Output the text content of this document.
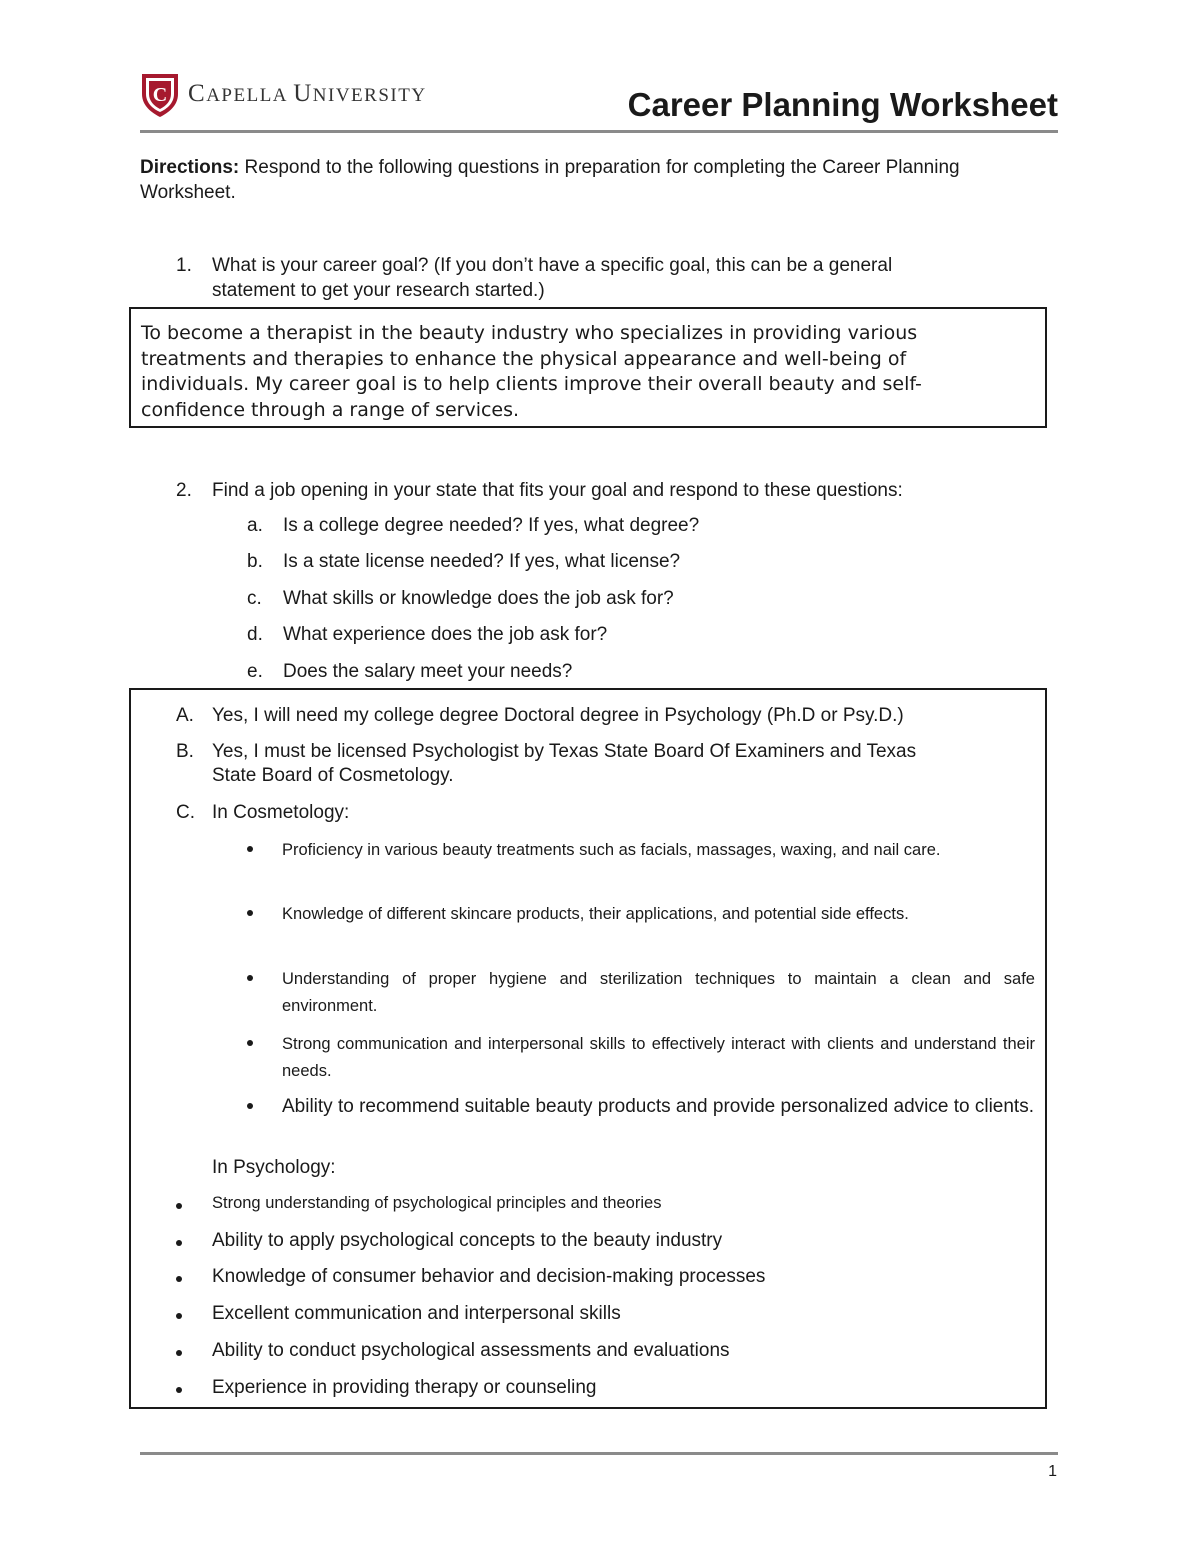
C CAPELLA UNIVERSITY	Career Planning Worksheet
Directions: Respond to the following questions in preparation for completing the Career Planning Worksheet.
1. What is your career goal? (If you don’t have a specific goal, this can be a general
statement to get your research started.)
To become a therapist in the beauty industry who specializes in providing various
treatments and therapies to enhance the physical appearance and well-being of
individuals. My career goal is to help clients improve their overall beauty and self-
confidence through a range of services.
2. Find a job opening in your state that fits your goal and respond to these questions:
a.	Is a college degree needed? If yes, what degree?
b.	Is a state license needed? If yes, what license?
c.	What skills or knowledge does the job ask for?
d.	What experience does the job ask for?
e.	Does the salary meet your needs?
A. Yes, I will need my college degree Doctoral degree in Psychology (Ph.D or Psy.D.)
B. Yes, I must be licensed Psychologist by Texas State Board Of Examiners and Texas
State Board of Cosmetology.
C. In Cosmetology:
Proficiency in various beauty treatments such as facials, massages, waxing, and nail care.
Knowledge of different skincare products, their applications, and potential side effects.
Understanding of proper hygiene and sterilization techniques to maintain a clean and safe environment.
Strong communication and interpersonal skills to effectively interact with clients and understand their needs.
Ability to recommend suitable beauty products and provide personalized advice to clients.
In Psychology:
Strong understanding of psychological principles and theories
Ability to apply psychological concepts to the beauty industry
Knowledge of consumer behavior and decision-making processes
Excellent communication and interpersonal skills
Ability to conduct psychological assessments and evaluations
Experience in providing therapy or counseling
1
